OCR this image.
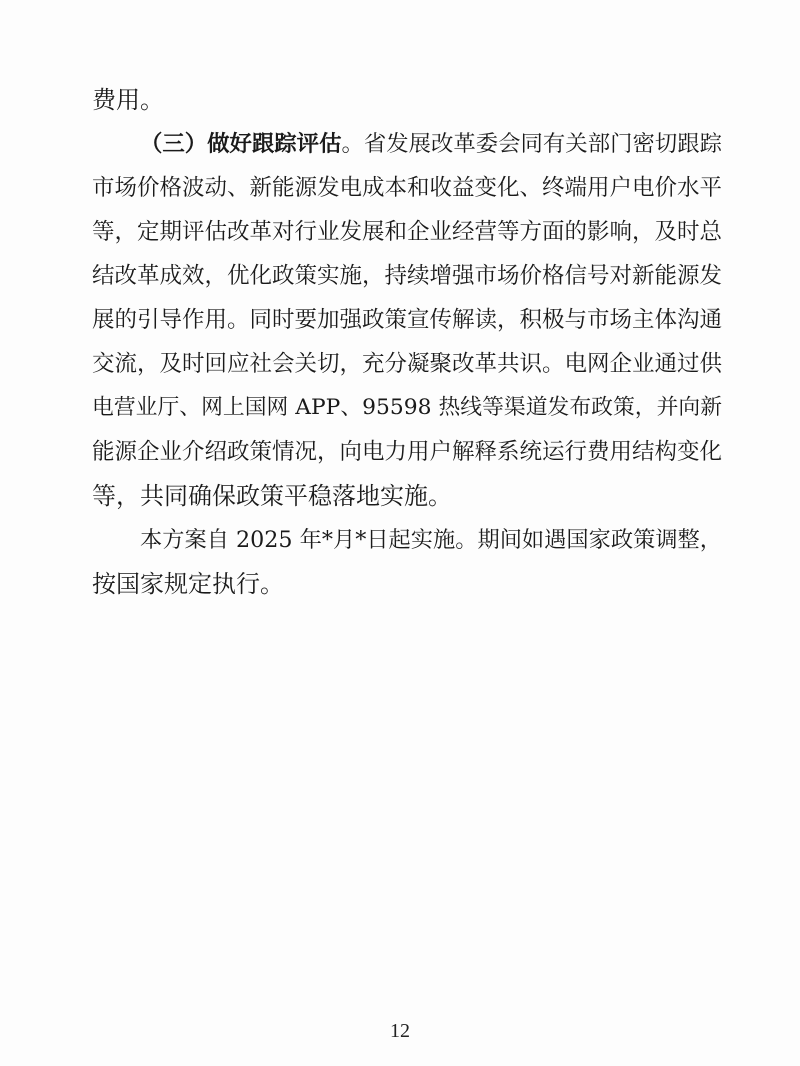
费用。
（三）做好跟踪评估。省发展改革委会同有关部门密切跟踪
市场价格波动、新能源发电成本和收益变化、终端用户电价水平
等，定期评估改革对行业发展和企业经营等方面的影响，及时总
结改革成效，优化政策实施，持续增强市场价格信号对新能源发
展的引导作用。同时要加强政策宣传解读，积极与市场主体沟通
交流，及时回应社会关切，充分凝聚改革共识。电网企业通过供
电营业厅、网上国网 APP、95598 热线等渠道发布政策，并向新
能源企业介绍政策情况，向电力用户解释系统运行费用结构变化
等，共同确保政策平稳落地实施。
本方案自 2025 年*月*日起实施。期间如遇国家政策调整，
按国家规定执行。
12
